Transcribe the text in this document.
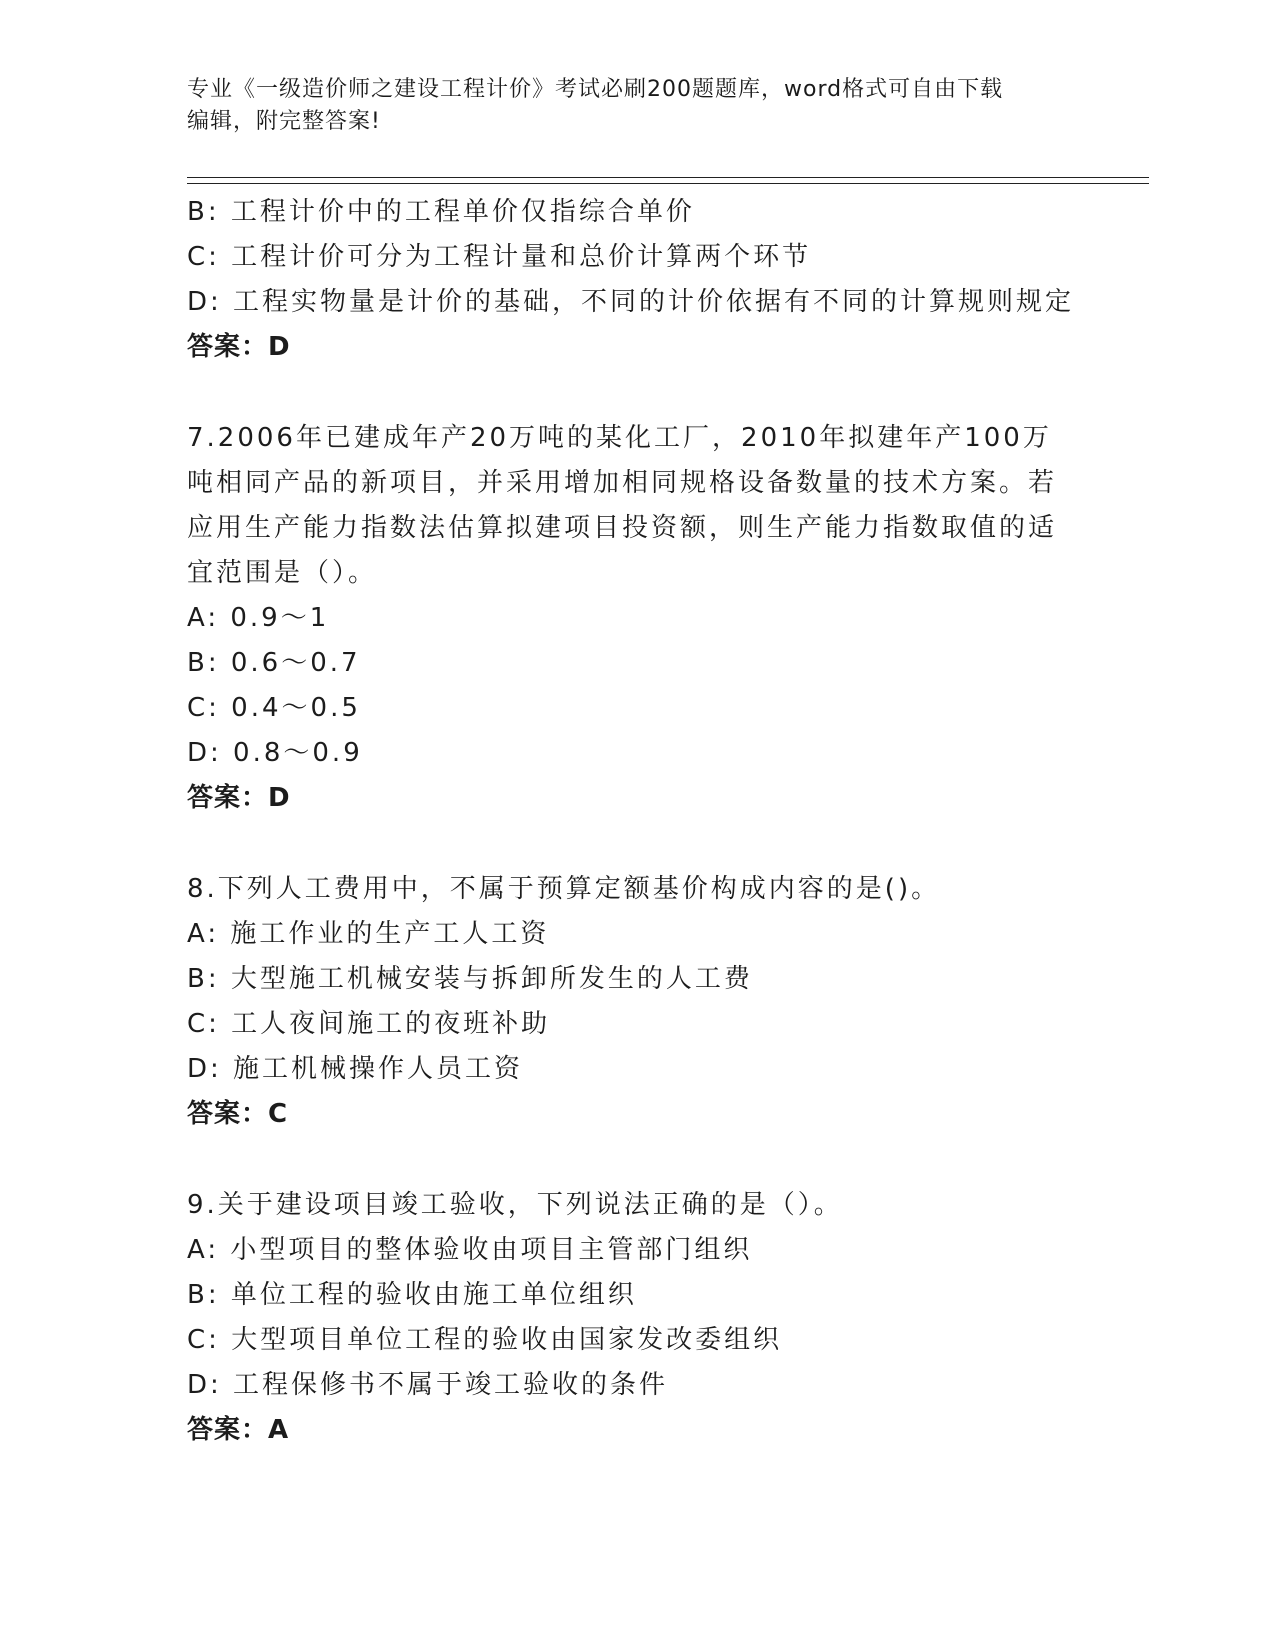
专业《一级造价师之建设工程计价》考试必刷200题题库，word格式可自由下载
编辑，附完整答案!
B: 工程计价中的工程单价仅指综合单价
C: 工程计价可分为工程计量和总价计算两个环节
D: 工程实物量是计价的基础，不同的计价依据有不同的计算规则规定
答案：D
7.2006年已建成年产20万吨的某化工厂，2010年拟建年产100万吨相同产品的新项目，并采用增加相同规格设备数量的技术方案。若应用生产能力指数法估算拟建项目投资额，则生产能力指数取值的适宜范围是（）。
A: 0.9～1
B: 0.6～0.7
C: 0.4～0.5
D: 0.8～0.9
答案：D
8.下列人工费用中，不属于预算定额基价构成内容的是()。
A: 施工作业的生产工人工资
B: 大型施工机械安装与拆卸所发生的人工费
C: 工人夜间施工的夜班补助
D: 施工机械操作人员工资
答案：C
9.关于建设项目竣工验收，下列说法正确的是（）。
A: 小型项目的整体验收由项目主管部门组织
B: 单位工程的验收由施工单位组织
C: 大型项目单位工程的验收由国家发改委组织
D: 工程保修书不属于竣工验收的条件
答案：A
